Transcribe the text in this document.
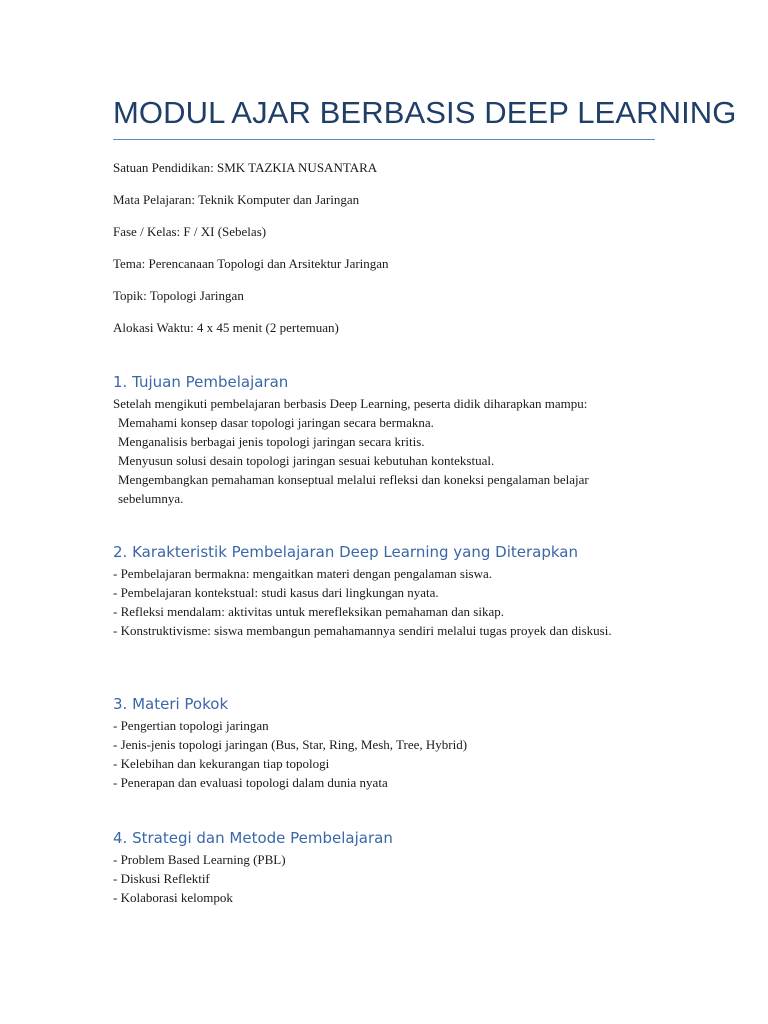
MODUL AJAR BERBASIS DEEP LEARNING

Satuan Pendidikan: SMK TAZKIA NUSANTARA

Mata Pelajaran: Teknik Komputer dan Jaringan

Fase / Kelas: F / XI (Sebelas)

Tema: Perencanaan Topologi dan Arsitektur Jaringan

Topik: Topologi Jaringan

Alokasi Waktu: 4 x 45 menit (2 pertemuan)

1. Tujuan Pembelajaran
Setelah mengikuti pembelajaran berbasis Deep Learning, peserta didik diharapkan mampu:
Memahami konsep dasar topologi jaringan secara bermakna.
Menganalisis berbagai jenis topologi jaringan secara kritis.
Menyusun solusi desain topologi jaringan sesuai kebutuhan kontekstual.
Mengembangkan pemahaman konseptual melalui refleksi dan koneksi pengalaman belajar sebelumnya.
2. Karakteristik Pembelajaran Deep Learning yang Diterapkan
- Pembelajaran bermakna: mengaitkan materi dengan pengalaman siswa.
- Pembelajaran kontekstual: studi kasus dari lingkungan nyata.
- Refleksi mendalam: aktivitas untuk merefleksikan pemahaman dan sikap.
- Konstruktivisme: siswa membangun pemahamannya sendiri melalui tugas proyek dan diskusi.
3. Materi Pokok
- Pengertian topologi jaringan
- Jenis-jenis topologi jaringan (Bus, Star, Ring, Mesh, Tree, Hybrid)
- Kelebihan dan kekurangan tiap topologi
- Penerapan dan evaluasi topologi dalam dunia nyata
4. Strategi dan Metode Pembelajaran
- Problem Based Learning (PBL)
- Diskusi Reflektif
- Kolaborasi kelompok
